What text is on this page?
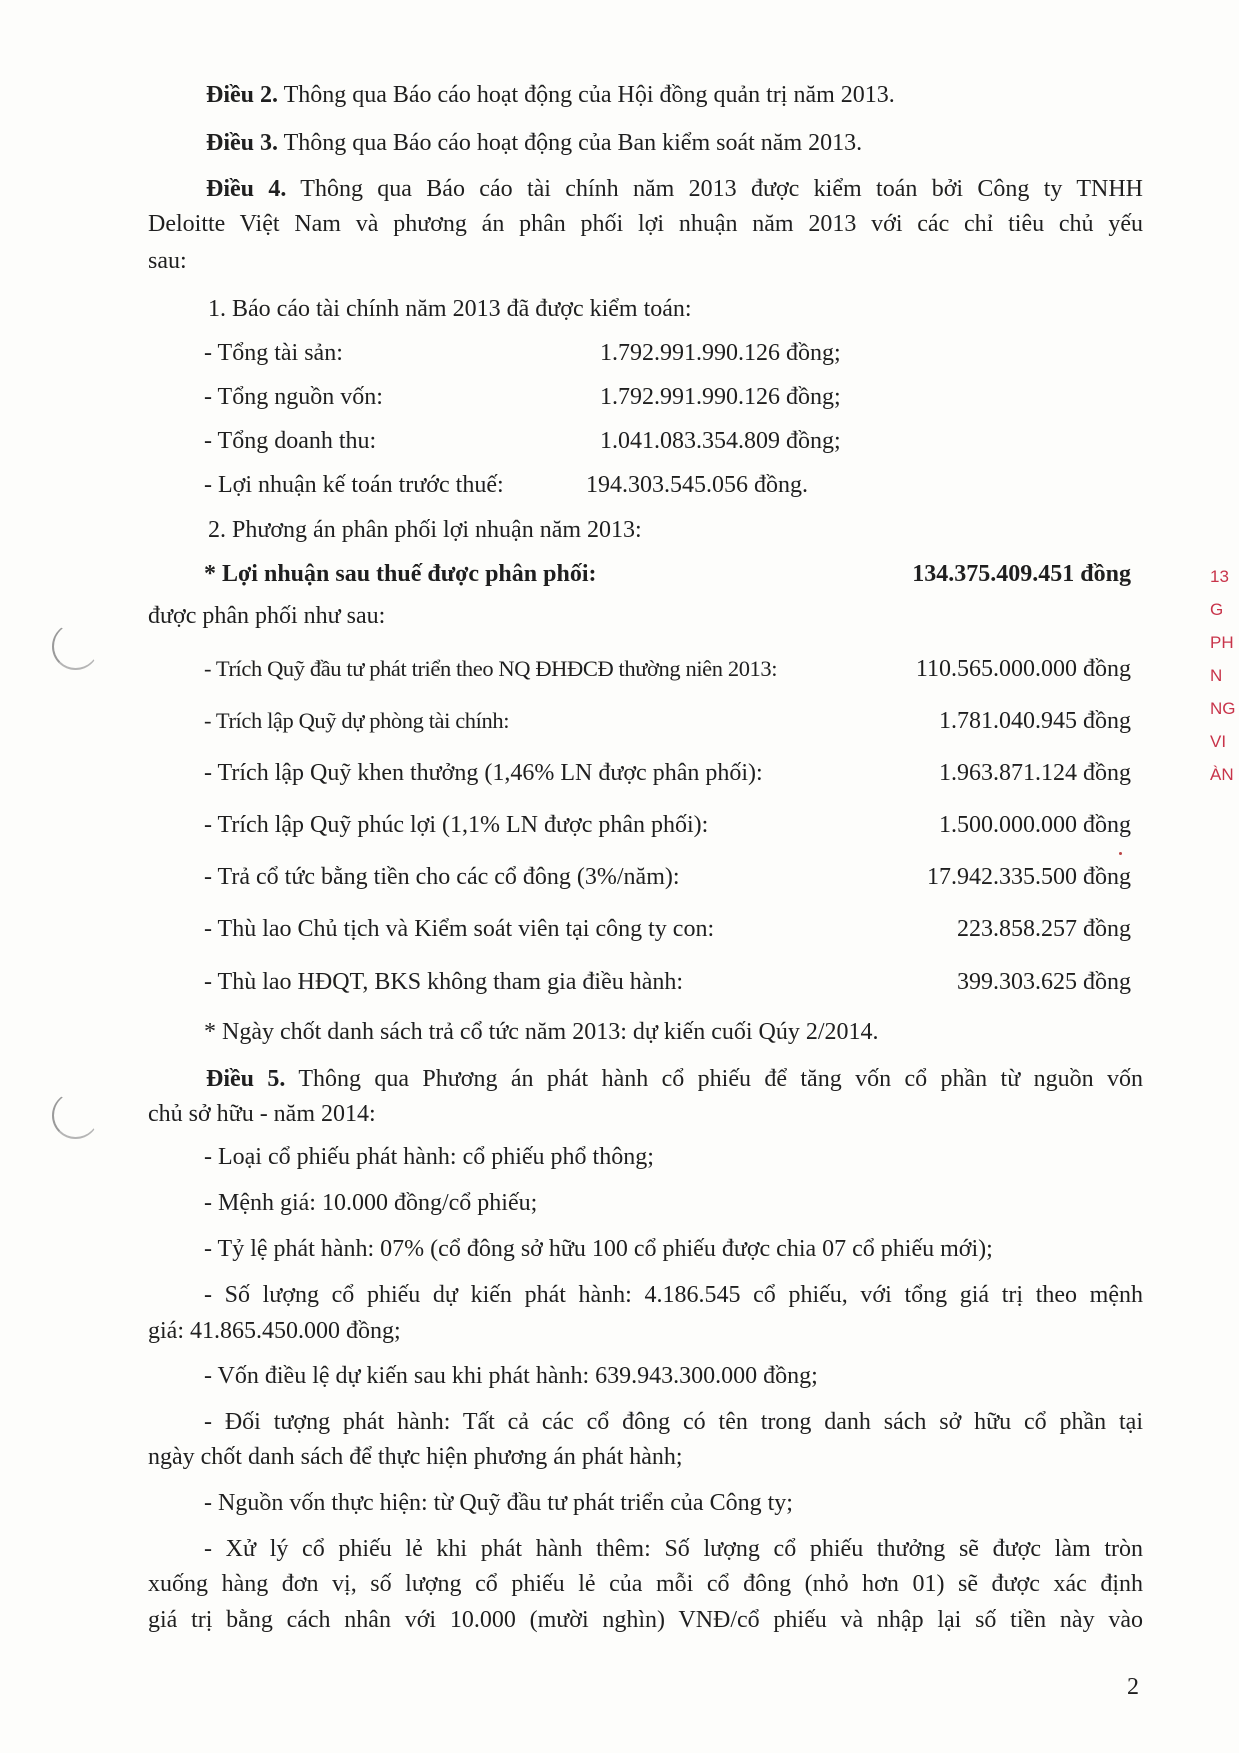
Điều 2. Thông qua Báo cáo hoạt động của Hội đồng quản trị năm 2013.
Điều 3. Thông qua Báo cáo hoạt động của Ban kiểm soát năm 2013.
Điều 4. Thông qua Báo cáo tài chính năm 2013 được kiểm toán bởi Công ty TNHH
Deloitte Việt Nam và phương án phân phối lợi nhuận năm 2013 với các chỉ tiêu chủ yếu
sau:
1. Báo cáo tài chính năm 2013 đã được kiểm toán:
- Tổng tài sản:	1.792.991.990.126 đồng;
- Tổng nguồn vốn:	1.792.991.990.126 đồng;
- Tổng doanh thu:	1.041.083.354.809 đồng;
- Lợi nhuận kế toán trước thuế:	194.303.545.056 đồng.
2. Phương án phân phối lợi nhuận năm 2013:
* Lợi nhuận sau thuế được phân phối:	134.375.409.451 đồng
được phân phối như sau:
- Trích Quỹ đầu tư phát triển theo NQ ĐHĐCĐ thường niên 2013:	110.565.000.000 đồng
- Trích lập Quỹ dự phòng tài chính:	1.781.040.945 đồng
- Trích lập Quỹ khen thưởng (1,46% LN được phân phối):	1.963.871.124 đồng
- Trích lập Quỹ phúc lợi (1,1% LN được phân phối):	1.500.000.000 đồng
- Trả cổ tức bằng tiền cho các cổ đông (3%/năm):	17.942.335.500 đồng
- Thù lao Chủ tịch và Kiểm soát viên tại công ty con:	223.858.257 đồng
- Thù lao HĐQT, BKS không tham gia điều hành:	399.303.625 đồng
* Ngày chốt danh sách trả cổ tức năm 2013: dự kiến cuối Qúy 2/2014.
Điều 5. Thông qua Phương án phát hành cổ phiếu để tăng vốn cổ phần từ nguồn vốn
chủ sở hữu - năm 2014:
- Loại cổ phiếu phát hành: cổ phiếu phổ thông;
- Mệnh giá: 10.000 đồng/cổ phiếu;
- Tỷ lệ phát hành: 07% (cổ đông sở hữu 100 cổ phiếu được chia 07 cổ phiếu mới);
- Số lượng cổ phiếu dự kiến phát hành: 4.186.545 cổ phiếu, với tổng giá trị theo mệnh
giá: 41.865.450.000 đồng;
- Vốn điều lệ dự kiến sau khi phát hành: 639.943.300.000 đồng;
- Đối tượng phát hành: Tất cả các cổ đông có tên trong danh sách sở hữu cổ phần tại
ngày chốt danh sách để thực hiện phương án phát hành;
- Nguồn vốn thực hiện: từ Quỹ đầu tư phát triển của Công ty;
- Xử lý cổ phiếu lẻ khi phát hành thêm: Số lượng cổ phiếu thưởng sẽ được làm tròn
xuống hàng đơn vị, số lượng cổ phiếu lẻ của mỗi cổ đông (nhỏ hơn 01) sẽ được xác định
giá trị bằng cách nhân với 10.000 (mười nghìn) VNĐ/cổ phiếu và nhập lại số tiền này vào
2
13
G
PH
N
NG
VI
ÀN
